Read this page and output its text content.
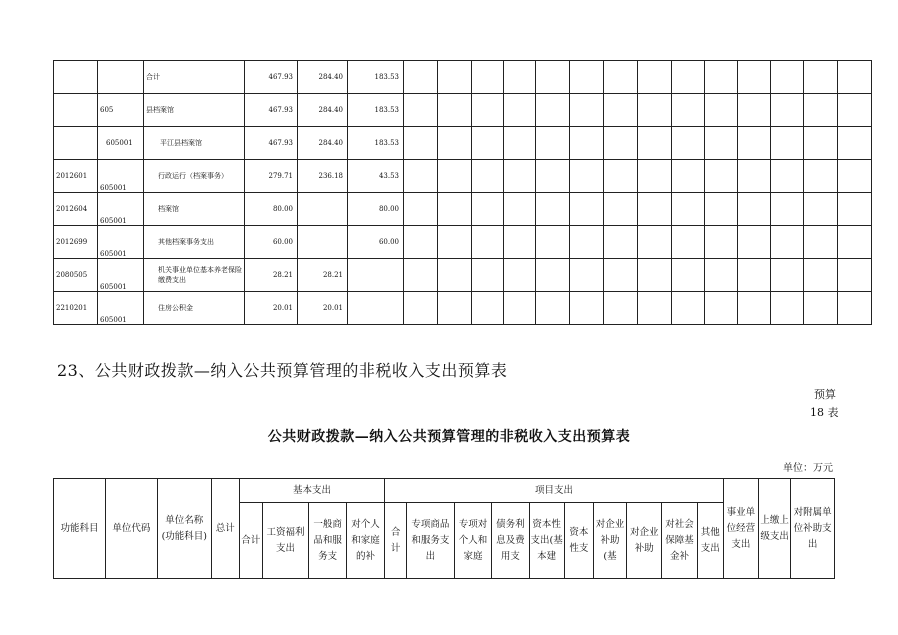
		合计	467.93	284.40	183.53														
	605	县档案馆	467.93	284.40	183.53														
	605001	平江县档案馆	467.93	284.40	183.53														
2012601	605001	行政运行（档案事务）	279.71	236.18	43.53														
2012604	605001	档案馆	80.00		80.00														
2012699	605001	其他档案事务支出	60.00		60.00														
2080505	605001	机关事业单位基本养老保险缴费支出	28.21	28.21															
2210201	605001	住房公积金	20.01	20.01															
23、公共财政拨款—纳入公共预算管理的非税收入支出预算表
预算
18 表
公共财政拨款—纳入公共预算管理的非税收入支出预算表
单位：万元
功能科目	单位代码	单位名称(功能科目)	总计	基本支出				项目支出										事业单位经营支出	上缴上级支出	对附属单位补助支出
				合计	工资福利支出	一般商品和服务支	对个人和家庭的补	合计	专项商品和服务支出	专项对个人和家庭	债务利息及费用支	资本性支出(基本建	资本性支	对企业补助(基	对企业补助	对社会保障基金补	其他支出			
